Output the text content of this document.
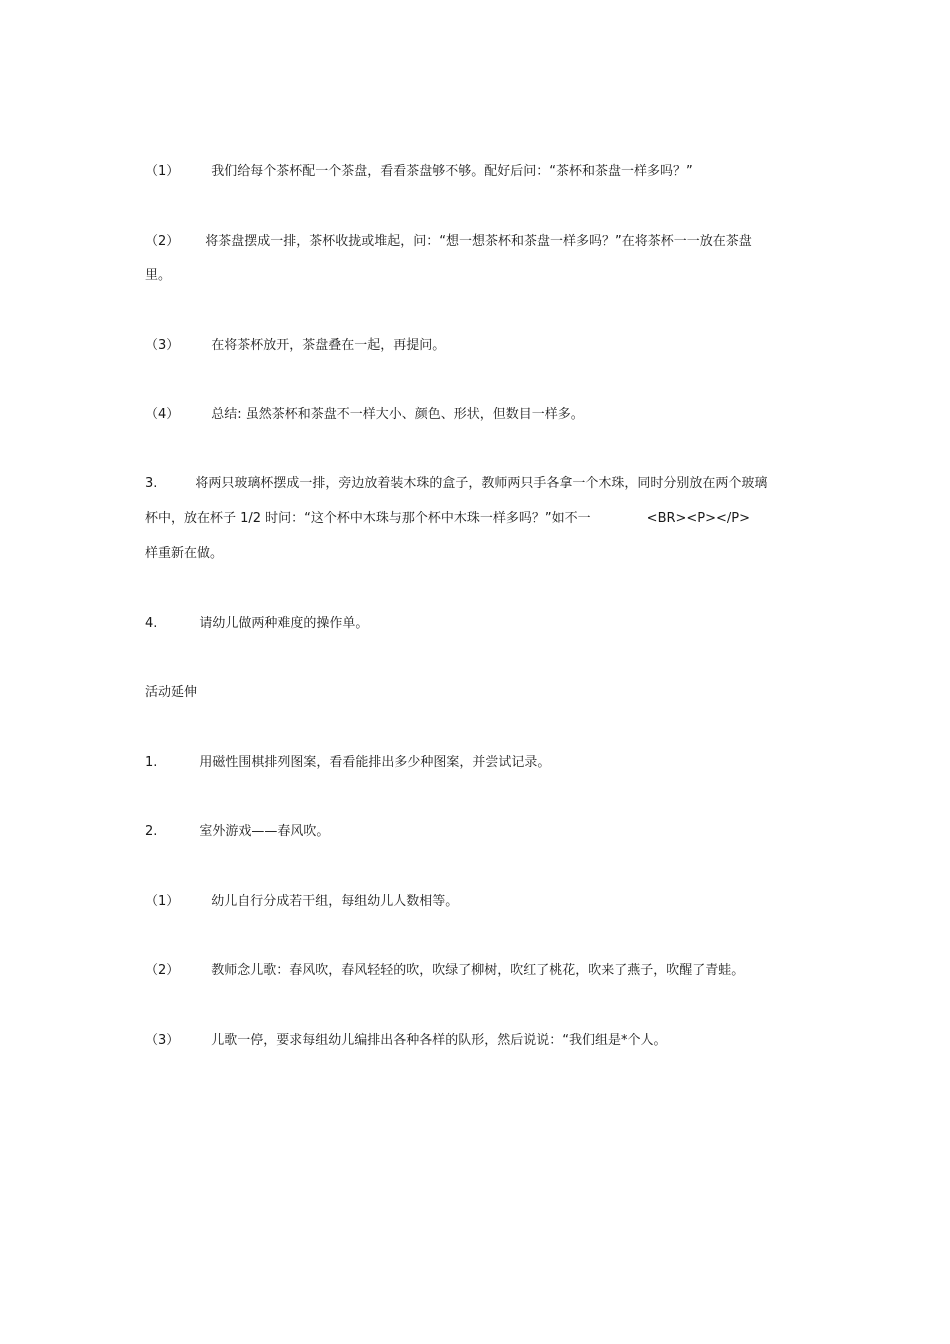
（1） 我们给每个茶杯配一个茶盘，看看茶盘够不够。配好后问：“茶杯和茶盘一样多吗？”
（2） 将茶盘摆成一排，茶杯收拢或堆起，问：“想一想茶杯和茶盘一样多吗？”在将茶杯一一放在茶盘
里。
（3） 在将茶杯放开，茶盘叠在一起，再提问。
（4） 总结: 虽然茶杯和茶盘不一样大小、颜色、形状，但数目一样多。
3.	将两只玻璃杯摆成一排，旁边放着装木珠的盒子，教师两只手各拿一个木珠，同时分别放在两个玻璃
杯中，放在杯子 1/2 时问：“这个杯中木珠与那个杯中木珠一样多吗？”如不一	<BR><P></P>
样重新在做。
4.	请幼儿做两种难度的操作单。
活动延伸
1.	用磁性围棋排列图案，看看能排出多少种图案，并尝试记录。
2.	室外游戏——春风吹。
（1） 幼儿自行分成若干组，每组幼儿人数相等。
（2） 教师念儿歌：春风吹，春风轻轻的吹，吹绿了柳树，吹红了桃花，吹来了燕子，吹醒了青蛙。
（3） 儿歌一停，要求每组幼儿编排出各种各样的队形，然后说说：“我们组是*个人。
